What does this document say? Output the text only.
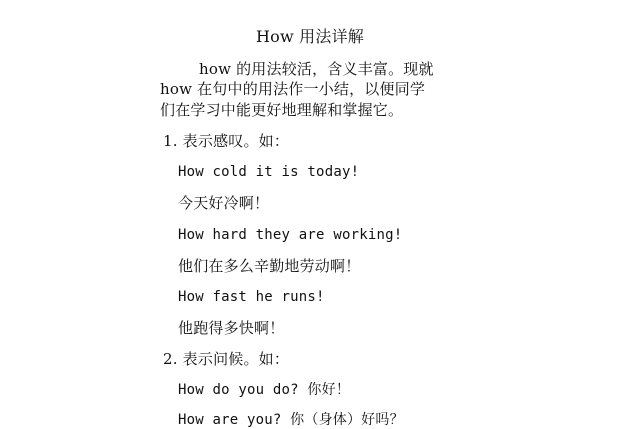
How 用法详解
how 的用法较活，含义丰富。现就
how 在句中的用法作一小结，以便同学
们在学习中能更好地理解和掌握它。
1. 表示感叹。如：
How cold it is today!
今天好冷啊！
How hard they are working!
他们在多么辛勤地劳动啊！
How fast he runs!
他跑得多快啊！
2. 表示问候。如：
How do you do? 你好！
How are you? 你（身体）好吗？
